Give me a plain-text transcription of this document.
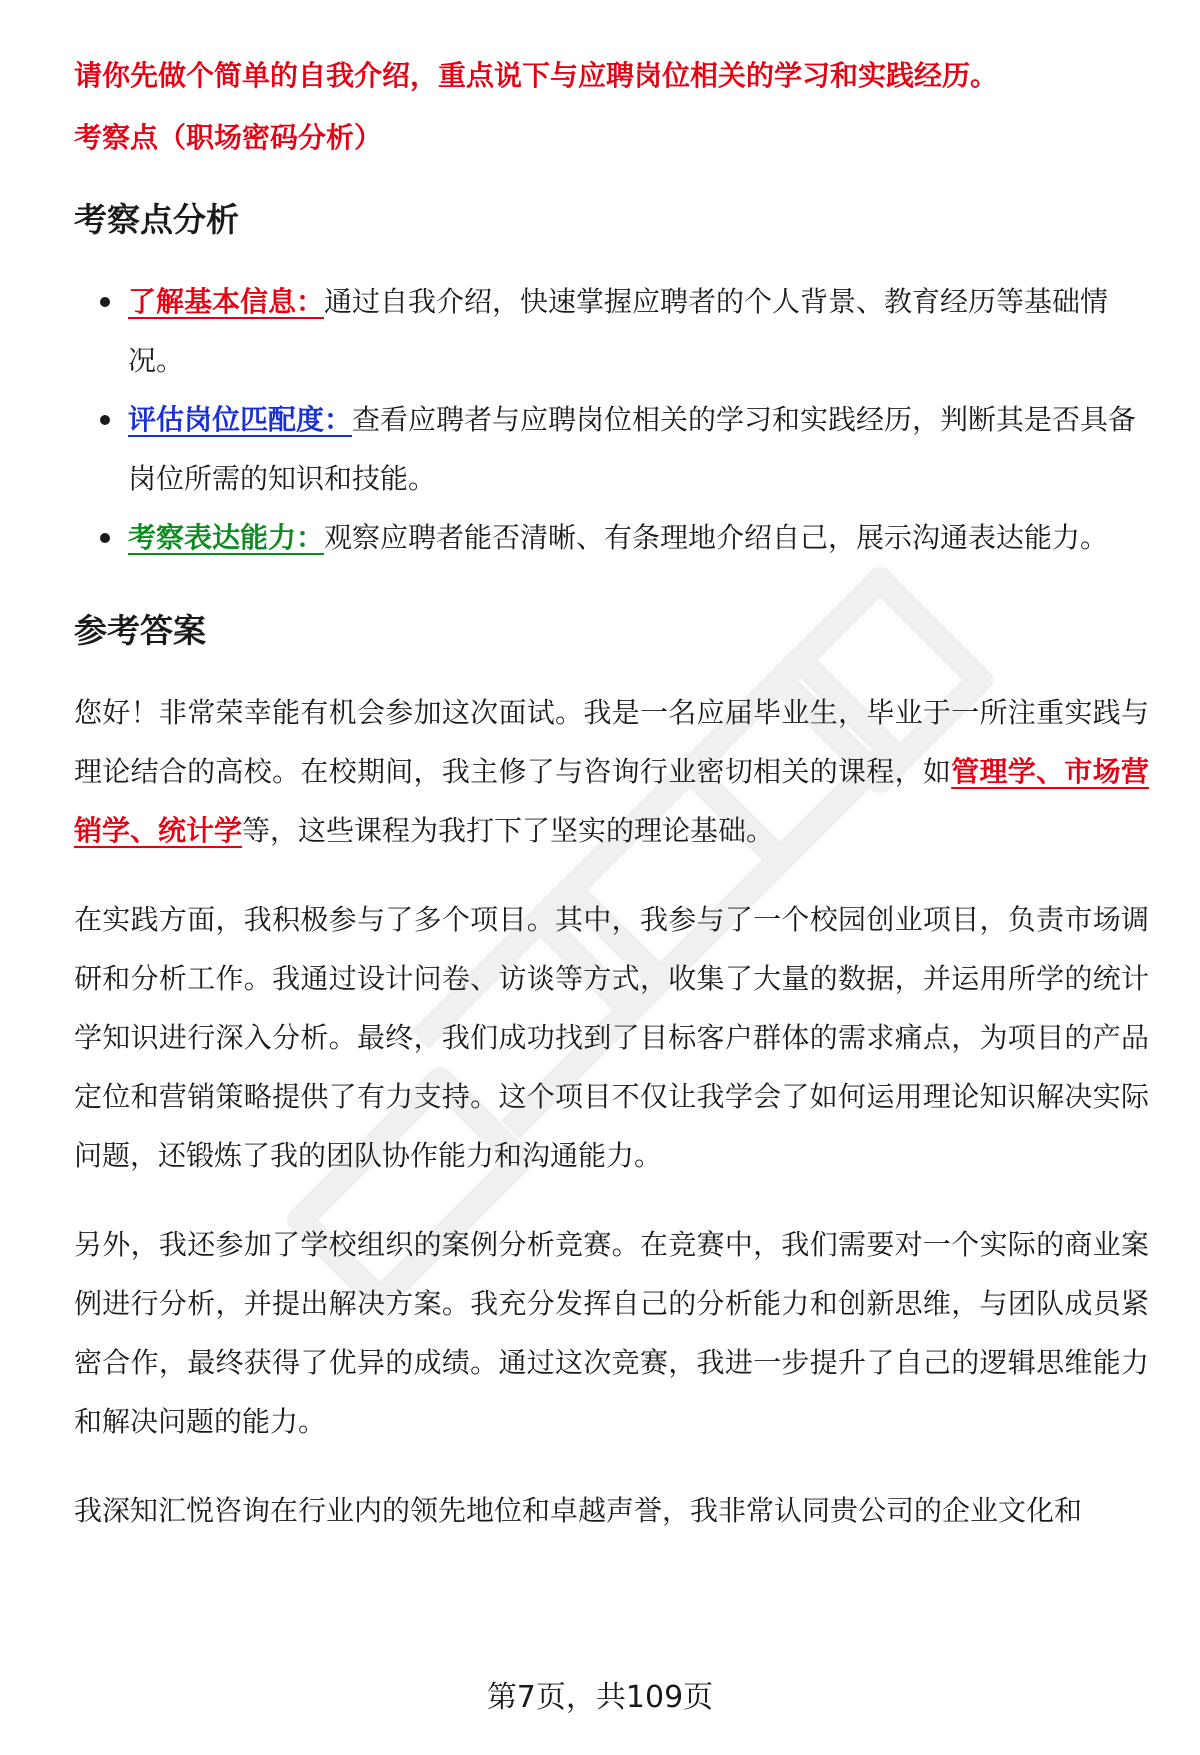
请你先做个简单的自我介绍，重点说下与应聘岗位相关的学习和实践经历。
考察点（职场密码分析）
考察点分析
了解基本信息：通过自我介绍，快速掌握应聘者的个人背景、教育经历等基础情况。
评估岗位匹配度：查看应聘者与应聘岗位相关的学习和实践经历，判断其是否具备岗位所需的知识和技能。
考察表达能力：观察应聘者能否清晰、有条理地介绍自己，展示沟通表达能力。
参考答案

您好！非常荣幸能有机会参加这次面试。我是一名应届毕业生，毕业于一所注重实践与理论结合的高校。在校期间，我主修了与咨询行业密切相关的课程，如管理学、市场营销学、统计学等，这些课程为我打下了坚实的理论基础。

在实践方面，我积极参与了多个项目。其中，我参与了一个校园创业项目，负责市场调研和分析工作。我通过设计问卷、访谈等方式，收集了大量的数据，并运用所学的统计学知识进行深入分析。最终，我们成功找到了目标客户群体的需求痛点，为项目的产品定位和营销策略提供了有力支持。这个项目不仅让我学会了如何运用理论知识解决实际问题，还锻炼了我的团队协作能力和沟通能力。

另外，我还参加了学校组织的案例分析竞赛。在竞赛中，我们需要对一个实际的商业案例进行分析，并提出解决方案。我充分发挥自己的分析能力和创新思维，与团队成员紧密合作，最终获得了优异的成绩。通过这次竞赛，我进一步提升了自己的逻辑思维能力和解决问题的能力。

我深知汇悦咨询在行业内的领先地位和卓越声誉，我非常认同贵公司的企业文化和

第7页，共109页
